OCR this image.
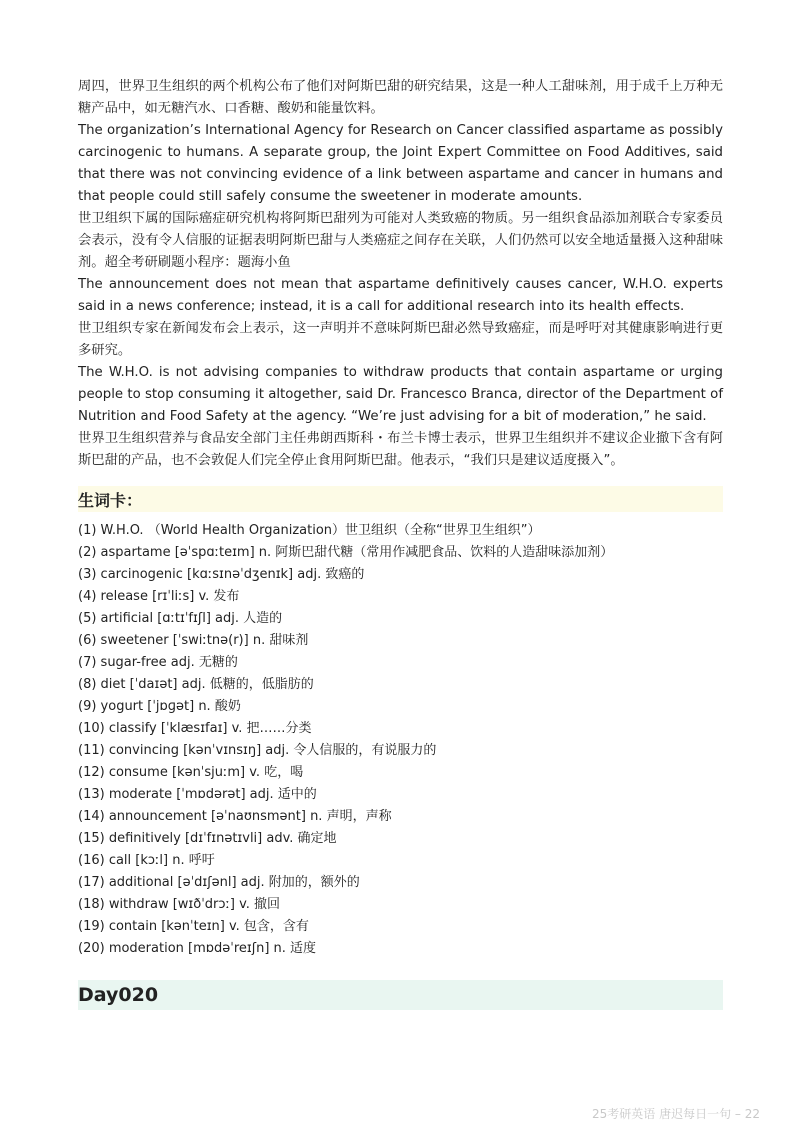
周四，世界卫生组织的两个机构公布了他们对阿斯巴甜的研究结果，这是一种人工甜味剂，用于成千上万种无糖产品中，如无糖汽水、口香糖、酸奶和能量饮料。

The organization’s International Agency for Research on Cancer classified aspartame as possibly carcinogenic to humans. A separate group, the Joint Expert Committee on Food Additives, said that there was not convincing evidence of a link between aspartame and cancer in humans and that people could still safely consume the sweetener in moderate amounts.

世卫组织下属的国际癌症研究机构将阿斯巴甜列为可能对人类致癌的物质。另一组织食品添加剂联合专家委员会表示，没有令人信服的证据表明阿斯巴甜与人类癌症之间存在关联，人们仍然可以安全地适量摄入这种甜味剂。超全考研刷题小程序：题海小鱼

The announcement does not mean that aspartame definitively causes cancer, W.H.O. experts said in a news conference; instead, it is a call for additional research into its health effects.

世卫组织专家在新闻发布会上表示，这一声明并不意味阿斯巴甜必然导致癌症，而是呼吁对其健康影响进行更多研究。

The W.H.O. is not advising companies to withdraw products that contain aspartame or urging people to stop consuming it altogether, said Dr. Francesco Branca, director of the Department of Nutrition and Food Safety at the agency. “We’re just advising for a bit of moderation,” he said.

世界卫生组织营养与食品安全部门主任弗朗西斯科・布兰卡博士表示，世界卫生组织并不建议企业撤下含有阿斯巴甜的产品，也不会敦促人们完全停止食用阿斯巴甜。他表示，“我们只是建议适度摄入”。

生词卡：
(1) W.H.O. （World Health Organization）世卫组织（全称“世界卫生组织”）
(2) aspartame [əˈspɑːteɪm] n. 阿斯巴甜代糖（常用作减肥食品、饮料的人造甜味添加剂）
(3) carcinogenic [kɑːsɪnəˈdʒenɪk] adj. 致癌的
(4) release [rɪˈliːs] v. 发布
(5) artificial [ɑːtɪˈfɪʃl] adj. 人造的
(6) sweetener [ˈswiːtnə(r)] n. 甜味剂
(7) sugar-free adj. 无糖的
(8) diet [ˈdaɪət] adj. 低糖的，低脂肪的
(9) yogurt [ˈjɒɡət] n. 酸奶
(10) classify [ˈklæsɪfaɪ] v. 把……分类
(11) convincing [kənˈvɪnsɪŋ] adj. 令人信服的，有说服力的
(12) consume [kənˈsjuːm] v. 吃，喝
(13) moderate [ˈmɒdərət] adj. 适中的
(14) announcement [əˈnaʊnsmənt] n. 声明，声称
(15) definitively [dɪˈfɪnətɪvli] adv. 确定地
(16) call [kɔːl] n. 呼吁
(17) additional [əˈdɪʃənl] adj. 附加的，额外的
(18) withdraw [wɪðˈdrɔː] v. 撤回
(19) contain [kənˈteɪn] v. 包含，含有
(20) moderation [mɒdəˈreɪʃn] n. 适度
Day020
25考研英语 唐迟每日一句 – 22
